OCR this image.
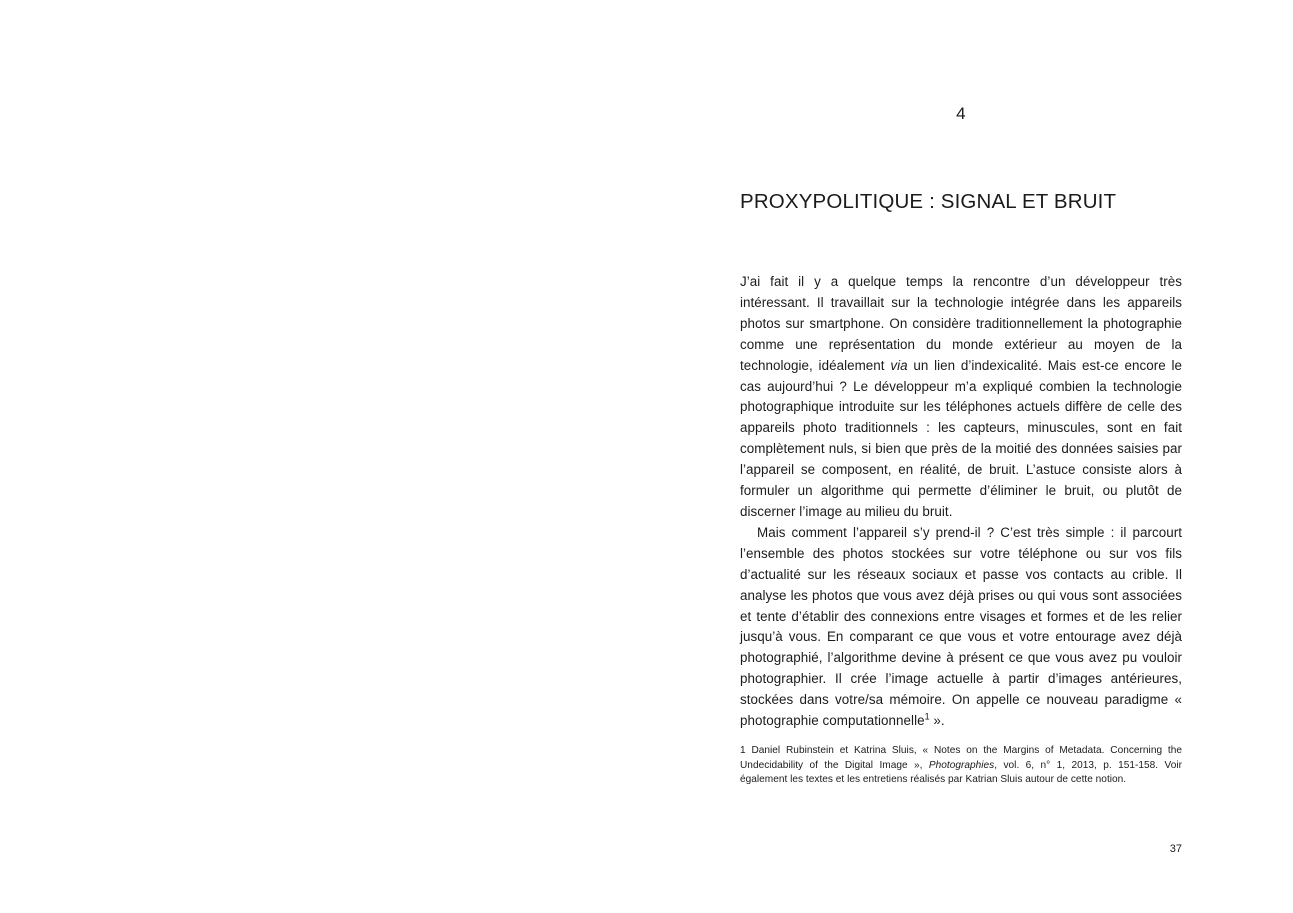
4
PROXYPOLITIQUE : SIGNAL ET BRUIT

J’ai fait il y a quelque temps la rencontre d’un développeur très intéressant. Il travaillait sur la technologie intégrée dans les appareils photos sur smartphone. On considère traditionnellement la photographie comme une représentation du monde extérieur au moyen de la technologie, idéalement via un lien d’indexicalité. Mais est-ce encore le cas aujourd’hui ? Le développeur m’a expliqué combien la technologie photographique introduite sur les téléphones actuels diffère de celle des appareils photo traditionnels : les capteurs, minuscules, sont en fait complètement nuls, si bien que près de la moitié des données saisies par l’appareil se composent, en réalité, de bruit. L’astuce consiste alors à formuler un algorithme qui permette d’éliminer le bruit, ou plutôt de discerner l’image au milieu du bruit.

Mais comment l’appareil s’y prend-il ? C’est très simple : il parcourt l’ensemble des photos stockées sur votre téléphone ou sur vos fils d’actualité sur les réseaux sociaux et passe vos contacts au crible. Il analyse les photos que vous avez déjà prises ou qui vous sont associées et tente d’établir des connexions entre visages et formes et de les relier jusqu’à vous. En comparant ce que vous et votre entourage avez déjà photographié, l’algorithme devine à présent ce que vous avez pu vouloir photographier. Il crée l’image actuelle à partir d’images antérieures, stockées dans votre/sa mémoire. On appelle ce nouveau paradigme « photographie computationnelle$^1$ ».

1 Daniel Rubinstein et Katrina Sluis, « Notes on the Margins of Metadata. Concerning the Undecidability of the Digital Image », Photographies, vol. 6, n° 1, 2013, p. 151-158. Voir également les textes et les entretiens réalisés par Katrian Sluis autour de cette notion.

37
